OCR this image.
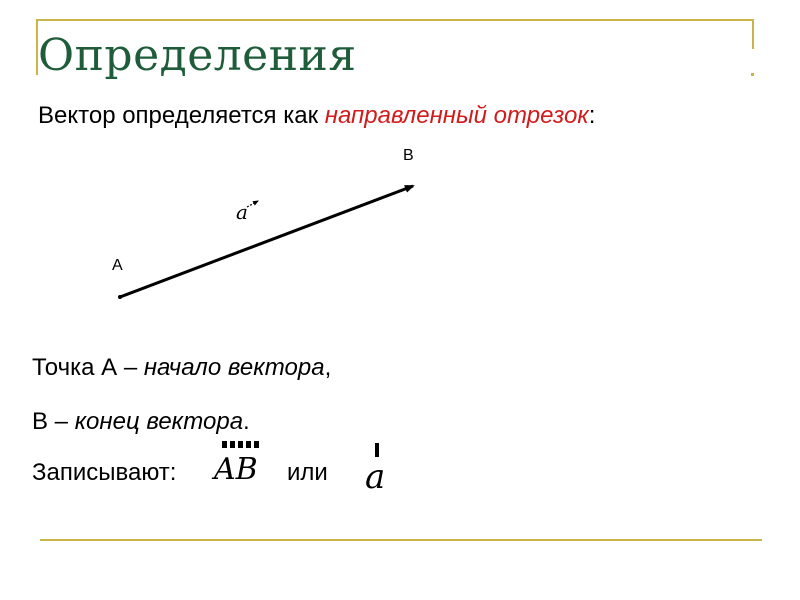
Определения
Вектор определяется как направленный отрезок:
B
A
a
Точка А – начало вектора,
В – конец вектора.
Записывают: AB или a
